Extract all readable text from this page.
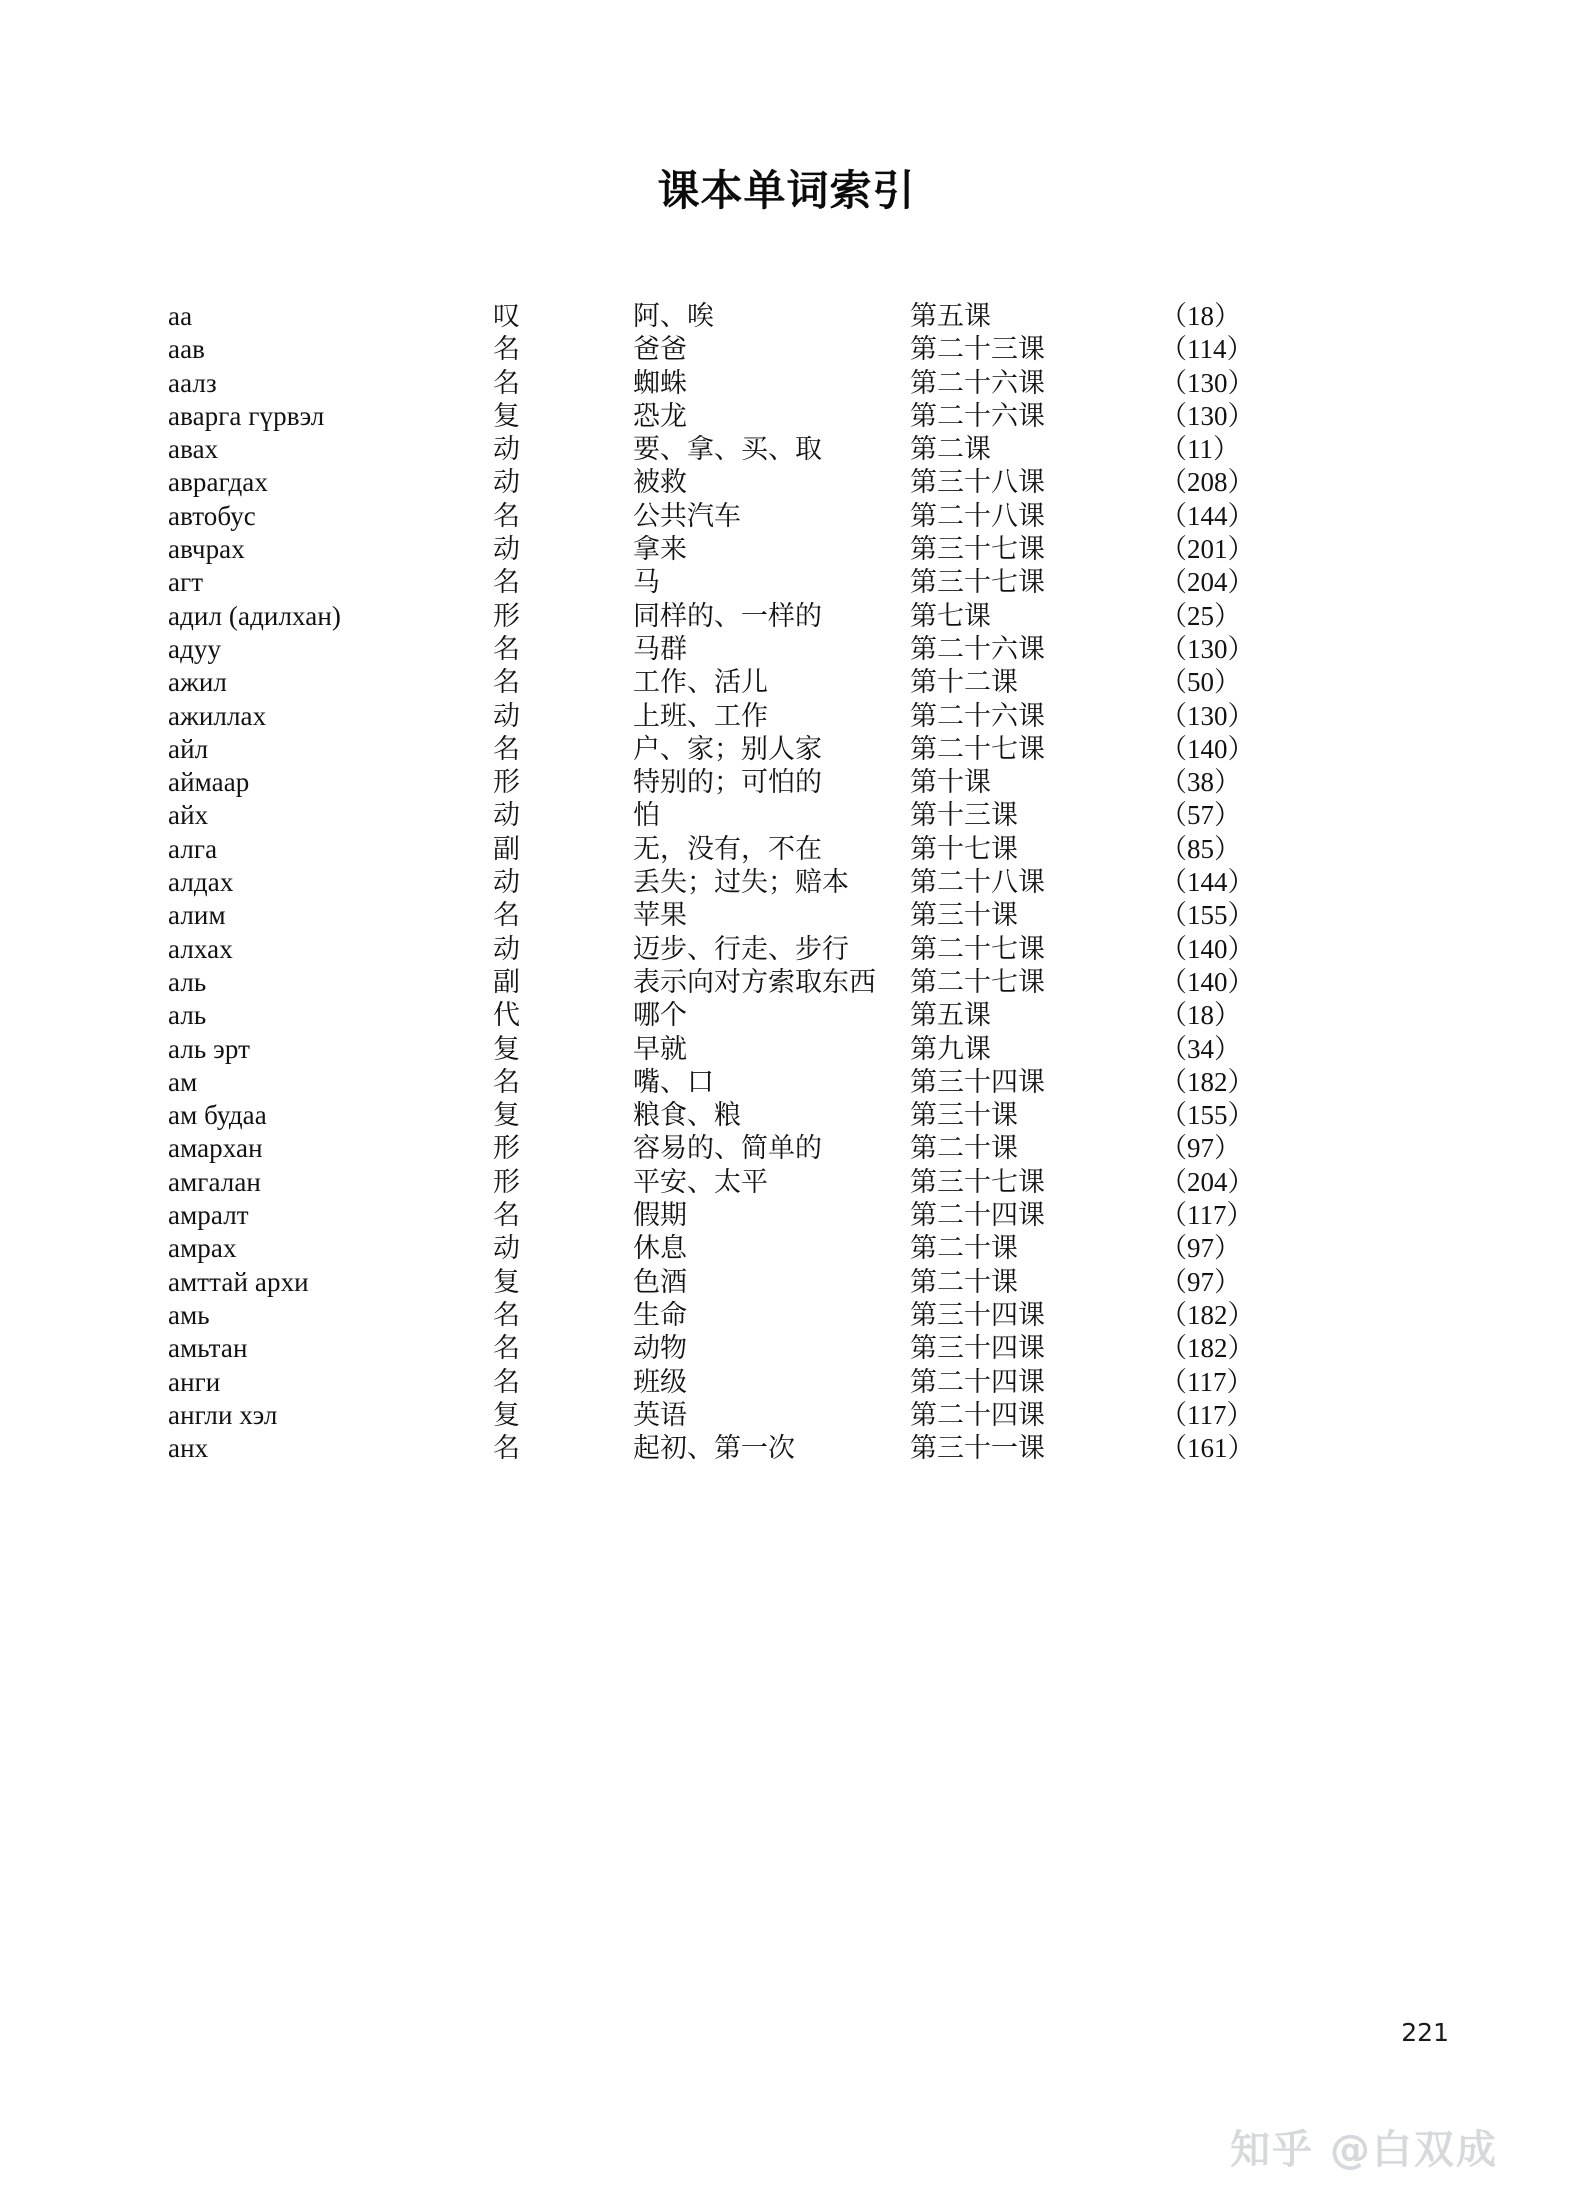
课本单词索引
аа	叹	阿、唉	第五课	（18）
аав	名	爸爸	第二十三课	（114）
аалз	名	蜘蛛	第二十六课	（130）
аварга гүрвэл	复	恐龙	第二十六课	（130）
авах	动	要、拿、买、取	第二课	（11）
аврагдах	动	被救	第三十八课	（208）
автобус	名	公共汽车	第二十八课	（144）
авчрах	动	拿来	第三十七课	（201）
агт	名	马	第三十七课	（204）
адил (адилхан)	形	同样的、一样的	第七课	（25）
адуу	名	马群	第二十六课	（130）
ажил	名	工作、活儿	第十二课	（50）
ажиллах	动	上班、工作	第二十六课	（130）
айл	名	户、家；别人家	第二十七课	（140）
аймаар	形	特别的；可怕的	第十课	（38）
айх	动	怕	第十三课	（57）
алга	副	无，没有，不在	第十七课	（85）
алдах	动	丢失；过失；赔本	第二十八课	（144）
алим	名	苹果	第三十课	（155）
алхах	动	迈步、行走、步行	第二十七课	（140）
аль	副	表示向对方索取东西	第二十七课	（140）
аль	代	哪个	第五课	（18）
аль эрт	复	早就	第九课	（34）
ам	名	嘴、口	第三十四课	（182）
ам будаа	复	粮食、粮	第三十课	（155）
амархан	形	容易的、简单的	第二十课	（97）
амгалан	形	平安、太平	第三十七课	（204）
амралт	名	假期	第二十四课	（117）
амрах	动	休息	第二十课	（97）
амттай архи	复	色酒	第二十课	（97）
амь	名	生命	第三十四课	（182）
амьтан	名	动物	第三十四课	（182）
анги	名	班级	第二十四课	（117）
англи хэл	复	英语	第二十四课	（117）
анх	名	起初、第一次	第三十一课	（161）
221
知乎 @白双成
